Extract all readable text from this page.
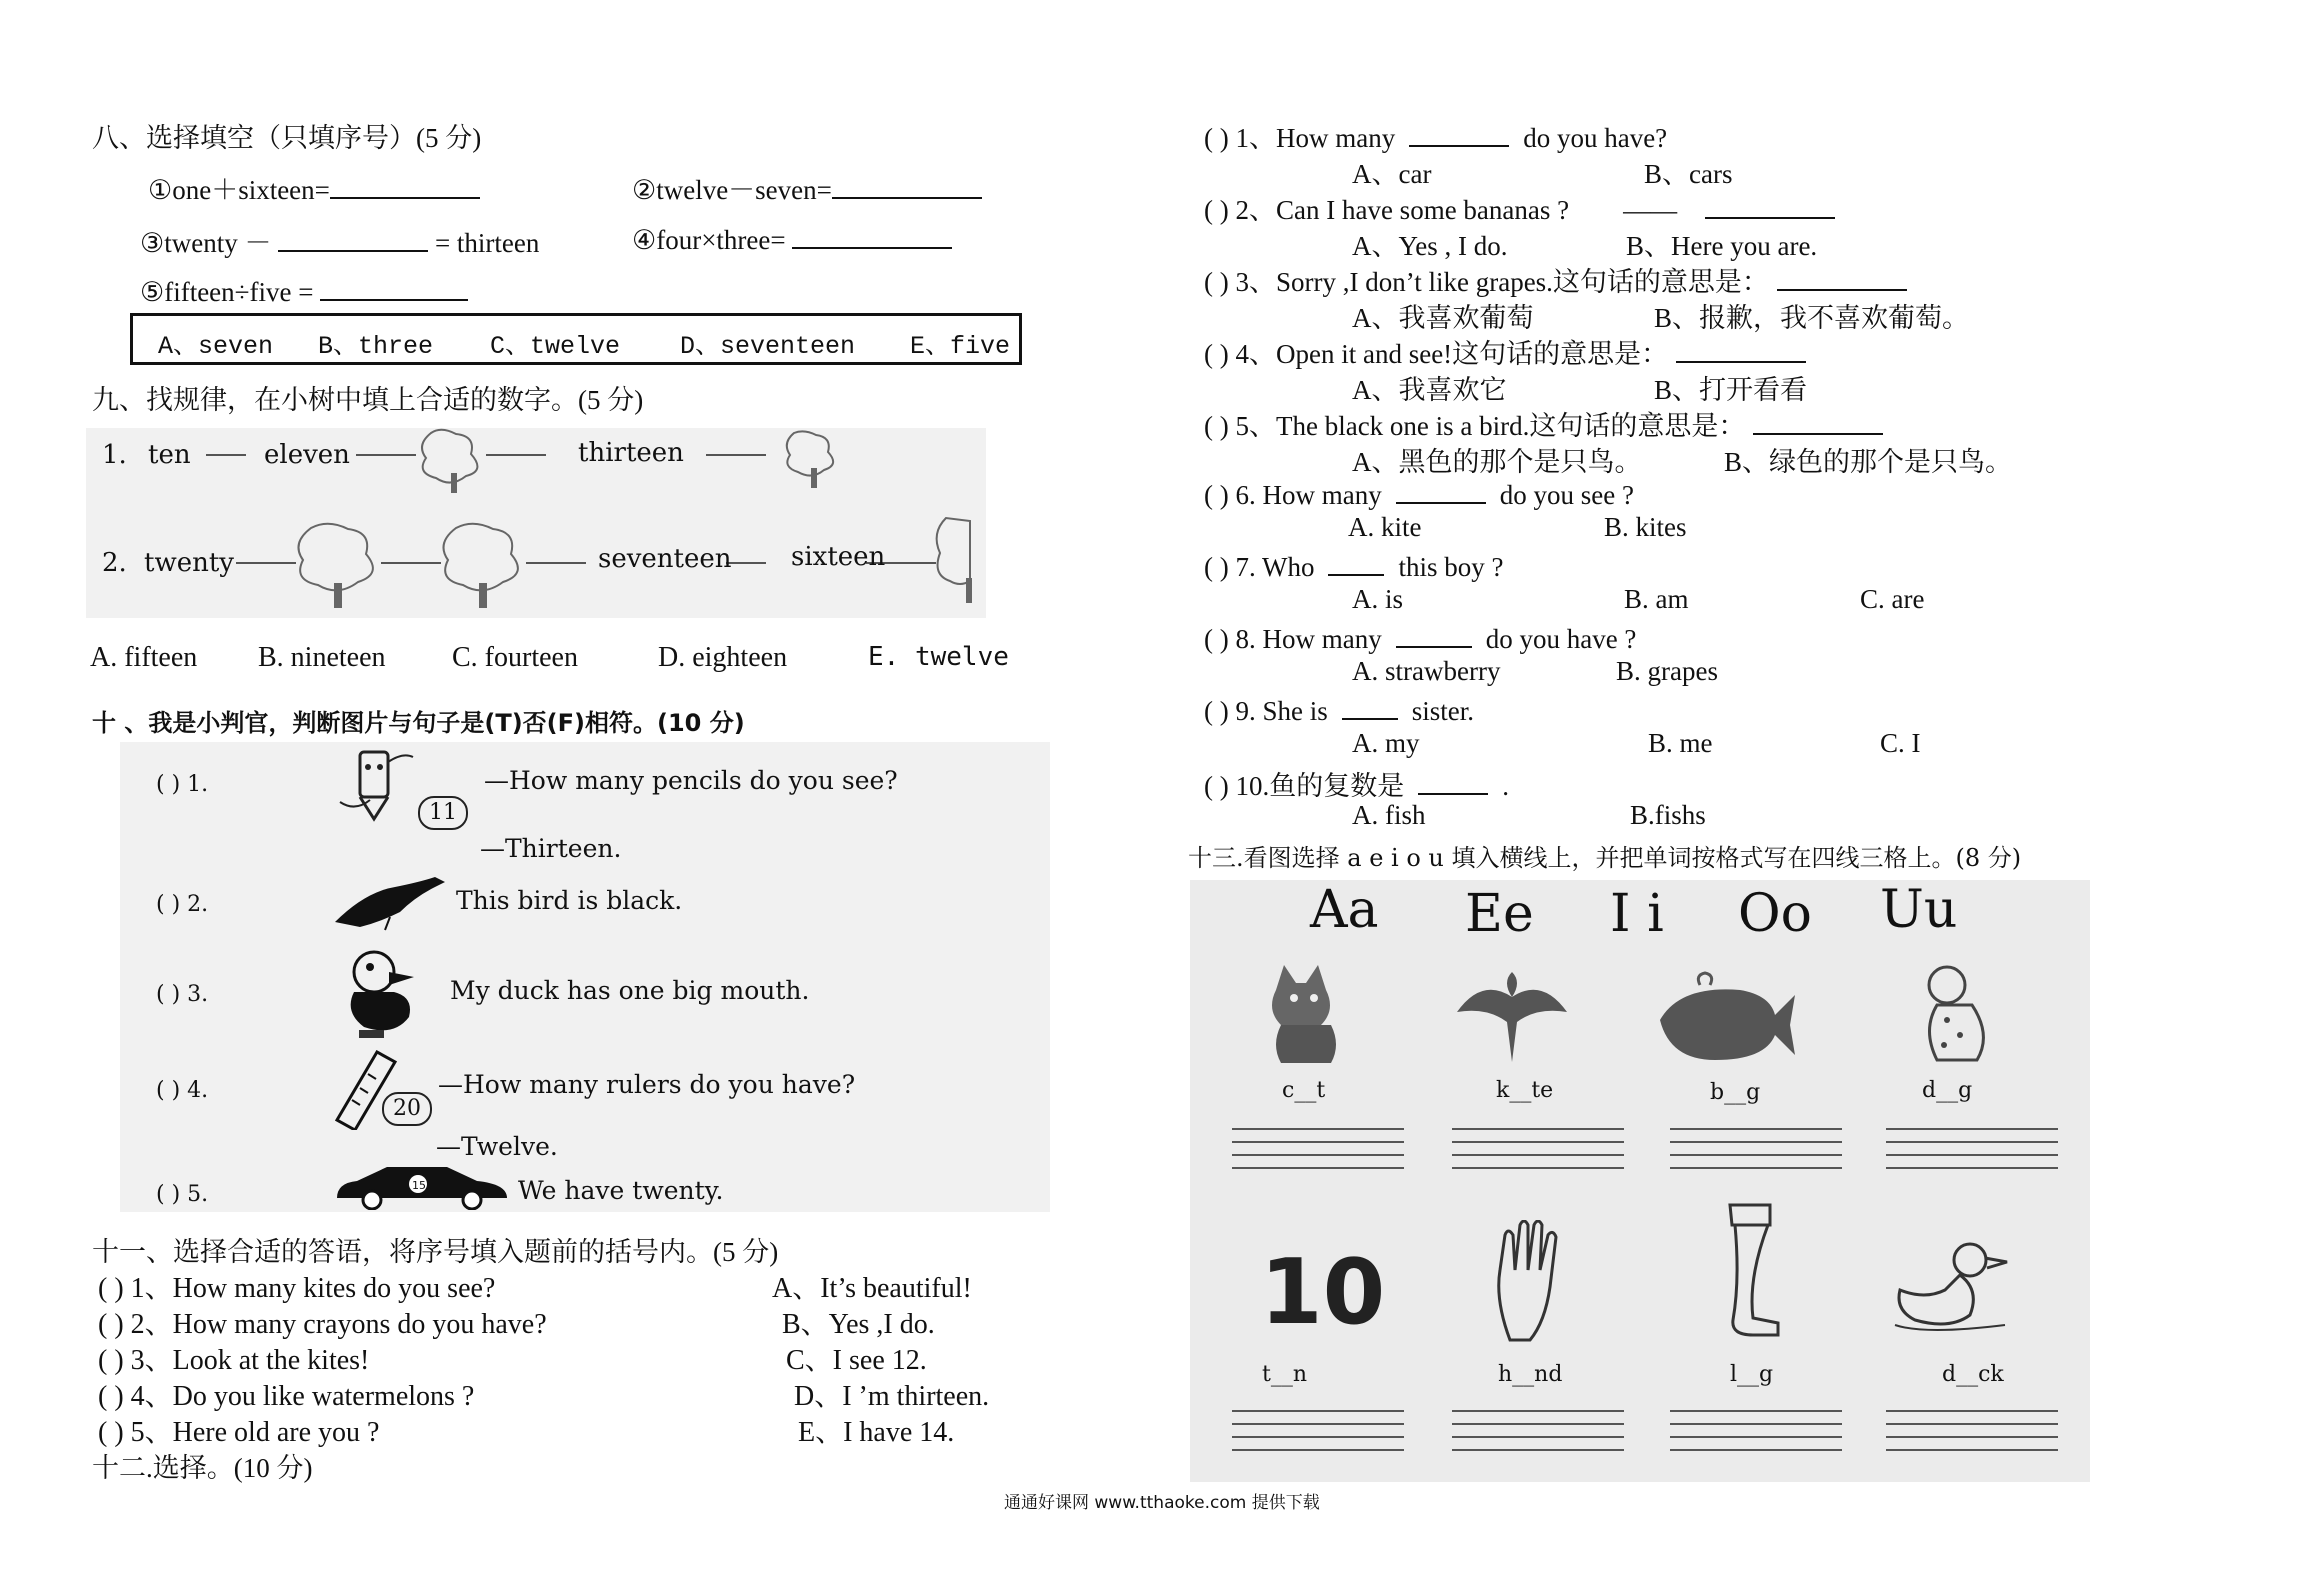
八、选择填空（只填序号）(5 分)
①one＋sixteen=	②twelve－seven=
③twenty －	= thirteen	④four×three=
⑤fifteen÷five =
A、seven B、three C、twelve D、seventeen E、five
九、找规律，在小树中填上合适的数字。(5 分)
1. ten	eleven	thirteen
2. twenty	seventeen sixteen
A. fifteen B. nineteen C. fourteen	D. eighteen	E. twelve
十 、我是小判官，判断图片与句子是(T)否(F)相符。(10 分)
( ) 1.
11
—How many pencils do you see?
—Thirteen.
( ) 2.	This bird is black.
( ) 3.	My duck has one big mouth.
( ) 4.
20
—How many rulers do you have?
—Twelve.
( ) 5.	15	We have twenty.
十一、选择合适的答语，将序号填入题前的括号内。(5 分)
( ) 1、How many kites do you see?
( ) 2、How many crayons do you have?
( ) 3、Look at the kites!
( ) 4、Do you like watermelons ?
( ) 5、Here old are you ?
A、It’s beautiful!
B、Yes ,I do.
C、I see 12.
D、I ’m thirteen.
E、I have 14.
十二.选择。(10 分)
( ) 1、How many	do you have?
A、car	B、cars
( ) 2、Can I have some bananas ? ——
A、Yes , I do.	B、Here you are.
( ) 3、Sorry ,I don’t like grapes.这句话的意思是：
A、我喜欢葡萄	B、报歉，我不喜欢葡萄。
( ) 4、Open it and see!这句话的意思是：
A、我喜欢它	B、打开看看
( ) 5、The black one is a bird.这句话的意思是：
A、黑色的那个是只鸟。	B、绿色的那个是只鸟。
( ) 6. How many	do you see ?
A. kite	B. kites
( ) 7. Who	this boy ?
A. is	B. am	C. are
( ) 8. How many	do you have ?
A. strawberry	B. grapes
( ) 9. She is	sister.
A. my	B. me	C. I
( ) 10.鱼的复数是	.
A. fish	B.fishs
十三.看图选择 a e i o u 填入横线上，并把单词按格式写在四线三格上。(8 分)
Aa Ee I i Oo Uu
c__t	k__te	b__g	d__g
10
t__n	h__nd	l__g	d__ck
通通好课网 www.tthaoke.com 提供下载
